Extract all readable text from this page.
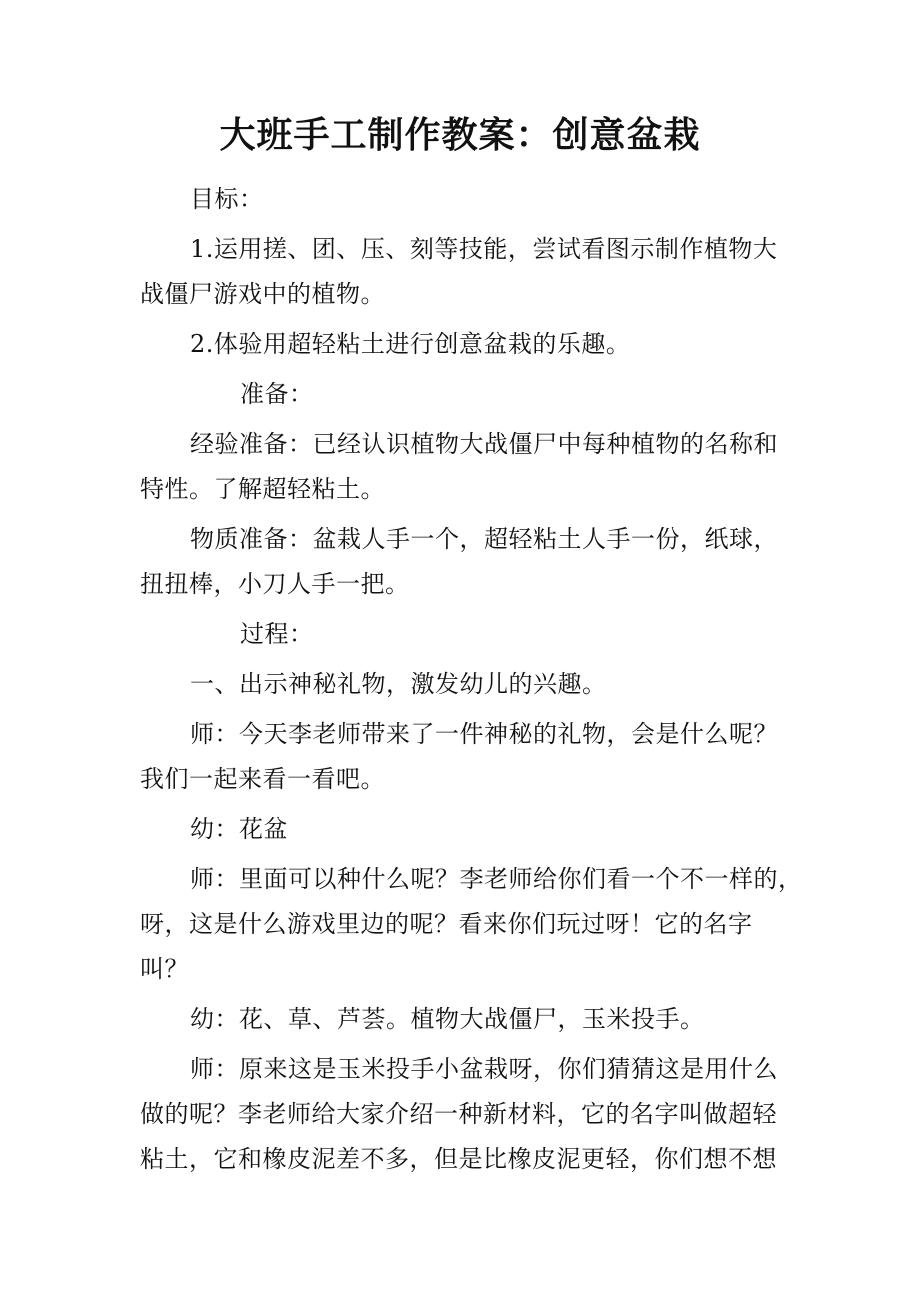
大班手工制作教案：创意盆栽

目标：

1.运用搓、团、压、刻等技能，尝试看图示制作植物大
战僵尸游戏中的植物。

2.体验用超轻粘土进行创意盆栽的乐趣。

准备：

经验准备：已经认识植物大战僵尸中每种植物的名称和
特性。了解超轻粘土。

物质准备：盆栽人手一个，超轻粘土人手一份，纸球，
扭扭棒，小刀人手一把。

过程：

一、出示神秘礼物，激发幼儿的兴趣。

师：今天李老师带来了一件神秘的礼物，会是什么呢？
我们一起来看一看吧。

幼：花盆

师：里面可以种什么呢？李老师给你们看一个不一样的，
呀，这是什么游戏里边的呢？看来你们玩过呀！它的名字
叫？

幼：花、草、芦荟。植物大战僵尸，玉米投手。

师：原来这是玉米投手小盆栽呀，你们猜猜这是用什么
做的呢？李老师给大家介绍一种新材料，它的名字叫做超轻
粘土，它和橡皮泥差不多，但是比橡皮泥更轻，你们想不想
